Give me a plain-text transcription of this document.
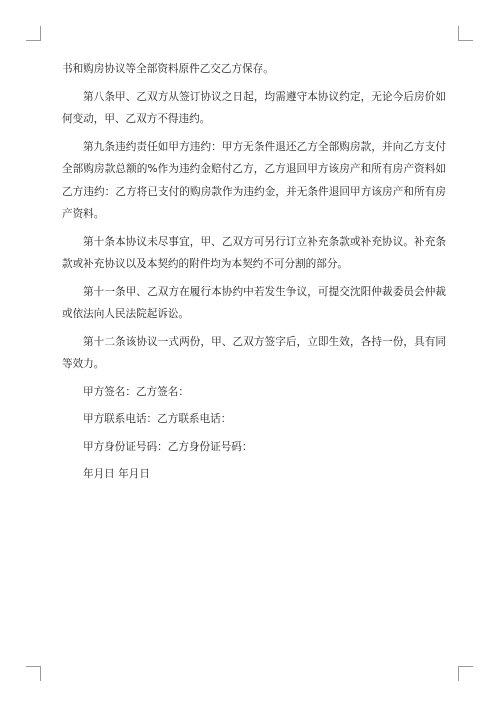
书和购房协议等全部资料原件乙交乙方保存。

第八条甲、乙双方从签订协议之日起，均需遵守本协议约定，无论今后房价如何变动，甲、乙双方不得违约。

第九条违约责任如甲方违约：甲方无条件退还乙方全部购房款，并向乙方支付全部购房款总额的%作为违约金赔付乙方，乙方退回甲方该房产和所有房产资料如乙方违约：乙方将已支付的购房款作为违约金，并无条件退回甲方该房产和所有房产资料。

第十条本协议未尽事宜，甲、乙双方可另行订立补充条款或补充协议。补充条款或补充协议以及本契约的附件均为本契约不可分割的部分。

第十一条甲、乙双方在履行本协约中若发生争议，可提交沈阳仲裁委员会仲裁或依法向人民法院起诉讼。

第十二条该协议一式两份，甲、乙双方签字后，立即生效，各持一份，具有同等效力。

甲方签名：乙方签名：

甲方联系电话：乙方联系电话：

甲方身份证号码：乙方身份证号码：

年月日 年月日
